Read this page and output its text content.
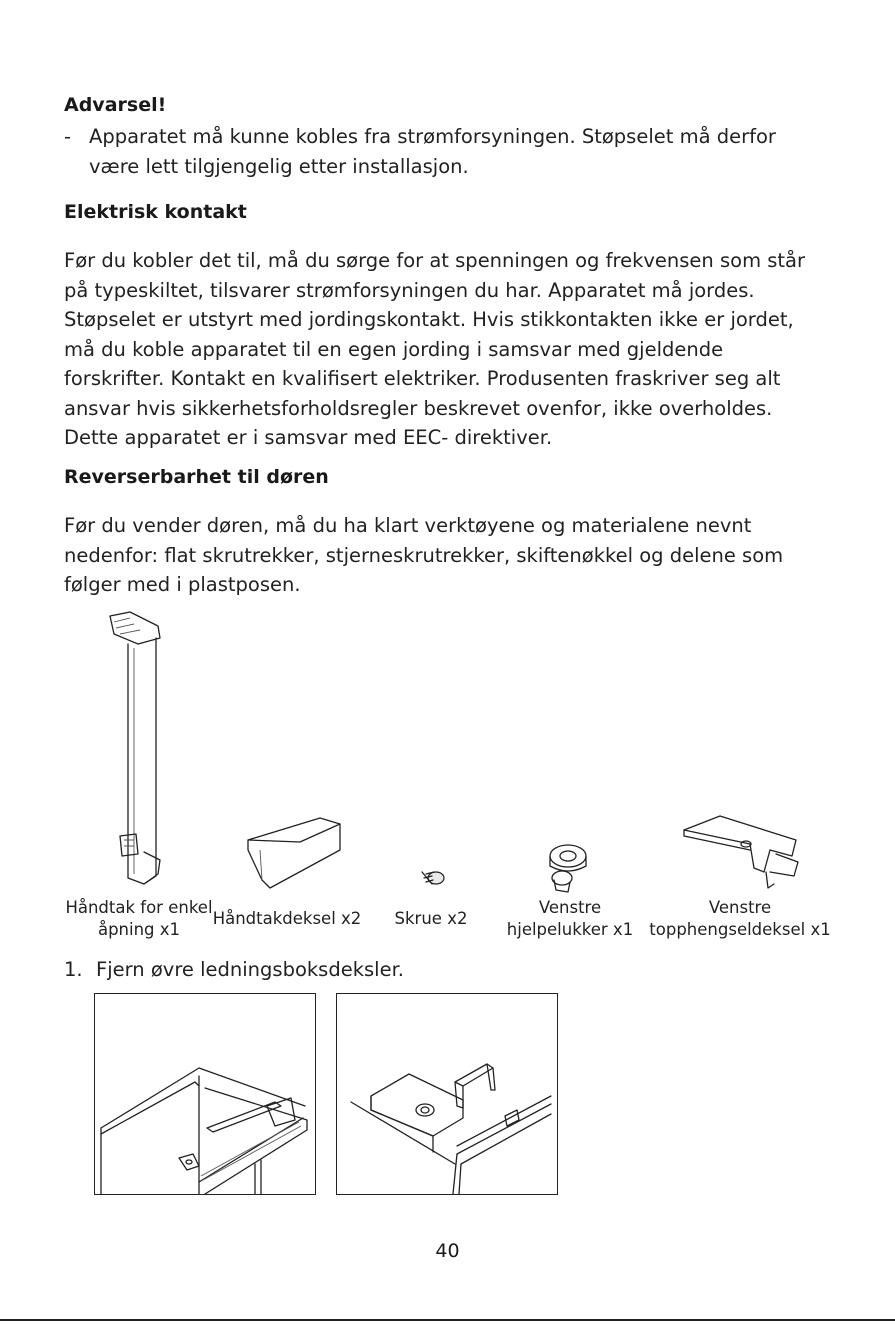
Advarsel!
- Apparatet må kunne kobles fra strømforsyningen. Støpselet må derfor
være lett tilgjengelig etter installasjon.
Elektrisk kontakt
Før du kobler det til, må du sørge for at spenningen og frekvensen som står
på typeskiltet, tilsvarer strømforsyningen du har. Apparatet må jordes.
Støpselet er utstyrt med jordingskontakt. Hvis stikkontakten ikke er jordet,
må du koble apparatet til en egen jording i samsvar med gjeldende
forskrifter. Kontakt en kvalifisert elektriker. Produsenten fraskriver seg alt
ansvar hvis sikkerhetsforholdsregler beskrevet ovenfor, ikke overholdes.
Dette apparatet er i samsvar med EEC- direktiver.
Reverserbarhet til døren
Før du vender døren, må du ha klart verktøyene og materialene nevnt
nedenfor: flat skrutrekker, stjerneskrutrekker, skiftenøkkel og delene som
følger med i plastposen.
Håndtak for enkel
åpning x1
Håndtakdeksel x2	Skrue x2
Venstre
hjelpelukker x1
Venstre
topphengseldeksel x1
1. Fjern øvre ledningsboksdeksler.
40
